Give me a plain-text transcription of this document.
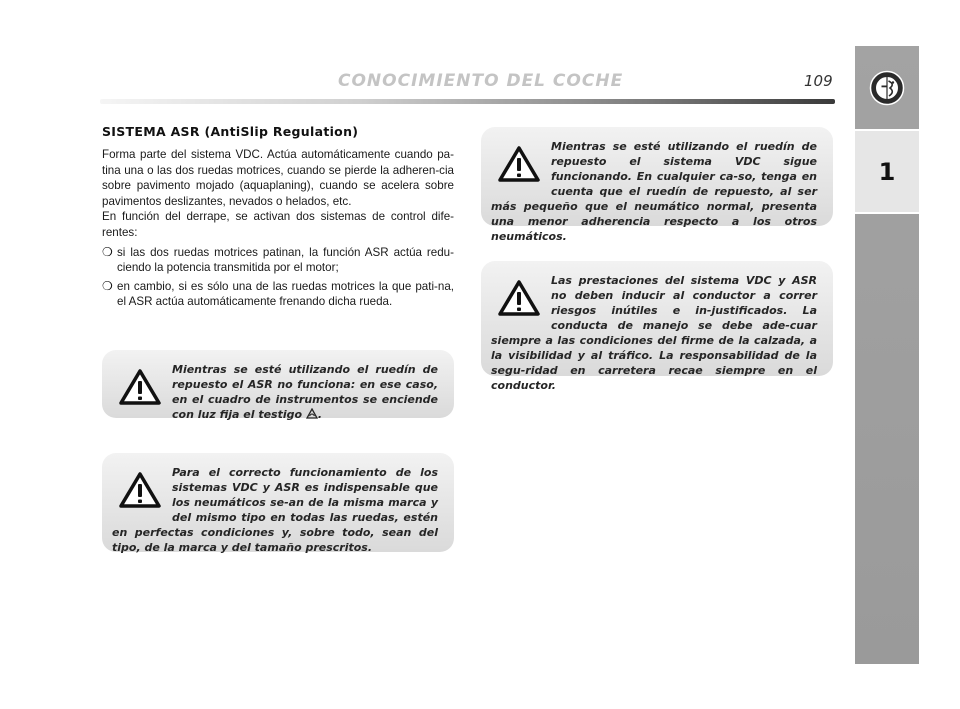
CONOCIMIENTO DEL COCHE	109
1
SISTEMA ASR (AntiSlip Regulation)

Forma parte del sistema VDC. Actúa automáticamente cuando pa-tina una o las dos ruedas motrices, cuando se pierde la adheren-cia sobre pavimento mojado (aquaplaning), cuando se acelera sobre pavimentos deslizantes, nevados o helados, etc.

En función del derrape, se activan dos sistemas de control dife-rentes:

❍ si las dos ruedas motrices patinan, la función ASR actúa redu-ciendo la potencia transmitida por el motor;
❍ en cambio, si es sólo una de las ruedas motrices la que pati-na, el ASR actúa automáticamente frenando dicha rueda.

Mientras se esté utilizando el ruedín de repuesto el ASR no funciona: en ese caso, en el cuadro de instrumentos se enciende con luz fija el testigo .

Para el correcto funcionamiento de los sistemas VDC y ASR es indispensable que los neumáticos se-an de la misma marca y del mismo tipo en todas las ruedas, estén en perfectas condiciones y, sobre todo, sean del tipo, de la marca y del tamaño prescritos.

Mientras se esté utilizando el ruedín de repuesto el sistema VDC sigue funcionando. En cualquier ca-so, tenga en cuenta que el ruedín de repuesto, al ser más pequeño que el neumático normal, presenta una menor adherencia respecto a los otros neumáticos.

Las prestaciones del sistema VDC y ASR no deben inducir al conductor a correr riesgos inútiles e in-justificados. La conducta de manejo se debe ade-cuar siempre a las condiciones del firme de la calzada, a la visibilidad y al tráfico. La responsabilidad de la segu-ridad en carretera recae siempre en el conductor.
